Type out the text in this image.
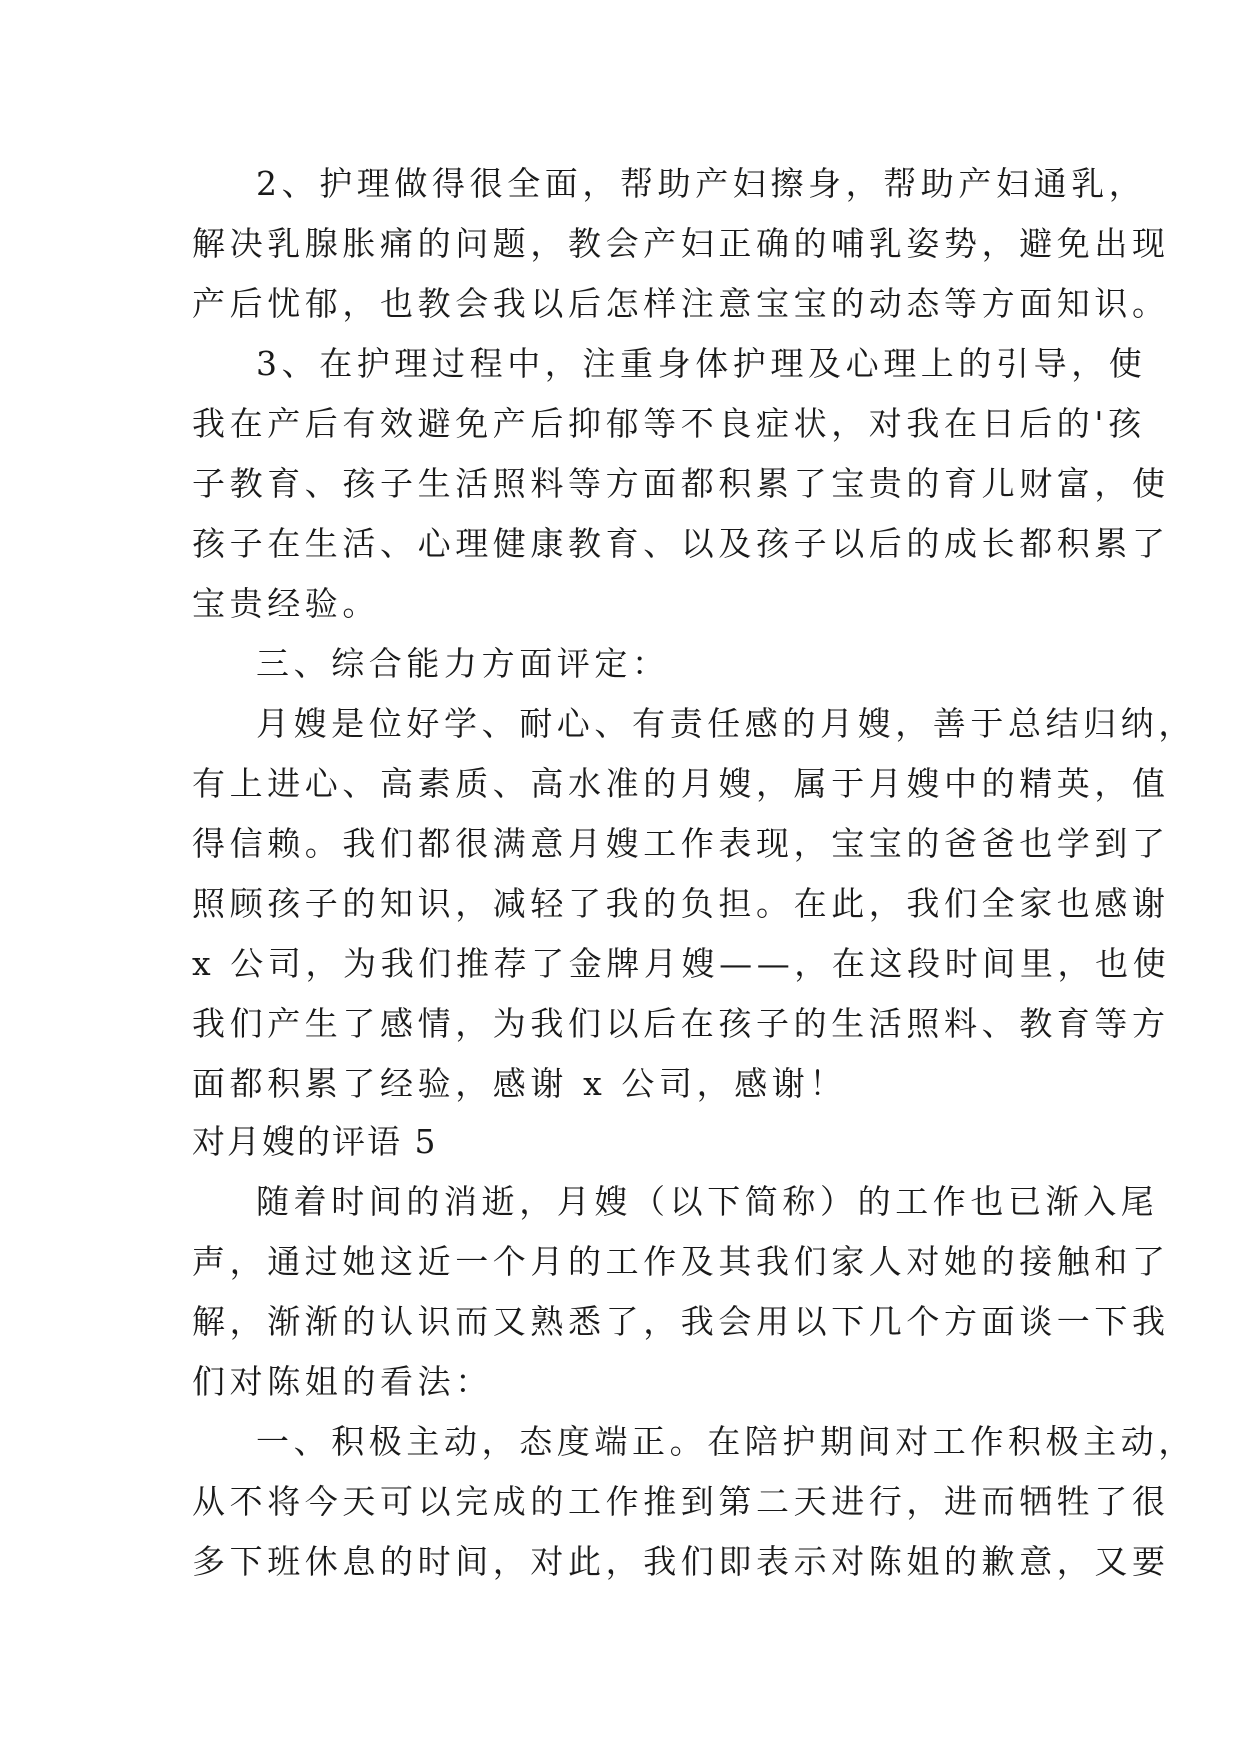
2、护理做得很全面，帮助产妇擦身，帮助产妇通乳，
解决乳腺胀痛的问题，教会产妇正确的哺乳姿势，避免出现
产后忧郁，也教会我以后怎样注意宝宝的动态等方面知识。
3、在护理过程中，注重身体护理及心理上的引导，使
我在产后有效避免产后抑郁等不良症状，对我在日后的'孩
子教育、孩子生活照料等方面都积累了宝贵的育儿财富，使
孩子在生活、心理健康教育、以及孩子以后的成长都积累了
宝贵经验。
三、综合能力方面评定：
月嫂是位好学、耐心、有责任感的月嫂，善于总结归纳，
有上进心、高素质、高水准的月嫂，属于月嫂中的精英，值
得信赖。我们都很满意月嫂工作表现，宝宝的爸爸也学到了
照顾孩子的知识，减轻了我的负担。在此，我们全家也感谢
x 公司，为我们推荐了金牌月嫂——，在这段时间里，也使
我们产生了感情，为我们以后在孩子的生活照料、教育等方
面都积累了经验，感谢 x 公司，感谢！
对月嫂的评语 5
随着时间的消逝，月嫂（以下简称）的工作也已渐入尾
声，通过她这近一个月的工作及其我们家人对她的接触和了
解，渐渐的认识而又熟悉了，我会用以下几个方面谈一下我
们对陈姐的看法：
一、积极主动，态度端正。在陪护期间对工作积极主动，
从不将今天可以完成的工作推到第二天进行，进而牺牲了很
多下班休息的时间，对此，我们即表示对陈姐的歉意，又要
